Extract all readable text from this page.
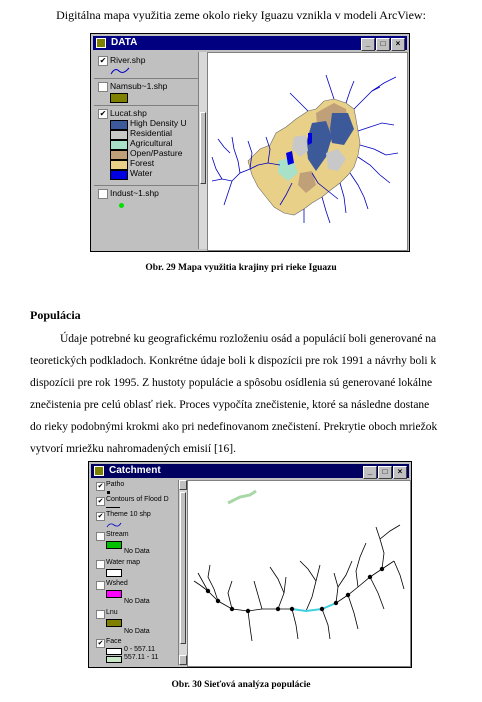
Digitálna mapa využitia zeme okolo rieky Iguazu vznikla v modeli ArcView:
DATA	_ □ ×
✔ River.shp
Namsub~1.shp
✔ Lucat.shp
High Density U
Residential
Agricultural
Open/Pasture
Forest
Water
Indust~1.shp
Obr. 29 Mapa využitia krajiny pri rieke Iguazu
Populácia
Údaje potrebné ku geografickému rozloženiu osád a populácií boli generované na
teoretických podkladoch. Konkrétne údaje boli k dispozícii pre rok 1991 a návrhy boli k
dispozícii pre rok 1995. Z hustoty populácie a spôsobu osídlenia sú generované lokálne
znečistenia pre celú oblasť riek. Proces vypočíta znečistenie, ktoré sa následne dostane
do rieky podobnými krokmi ako pri nedefinovanom znečistení. Prekrytie oboch mriežok
vytvorí mriežku nahromadených emisií [16].
Catchment	_ □ ×
✔ Patho
✔ Contours of Flood D
✔ Theme 10 shp
Stream
No Data
Water map
Wshed
No Data
Lnu
No Data
✔ Face
0 - 557.11
557.11 - 11
Obr. 30 Sieťová analýza populácie
